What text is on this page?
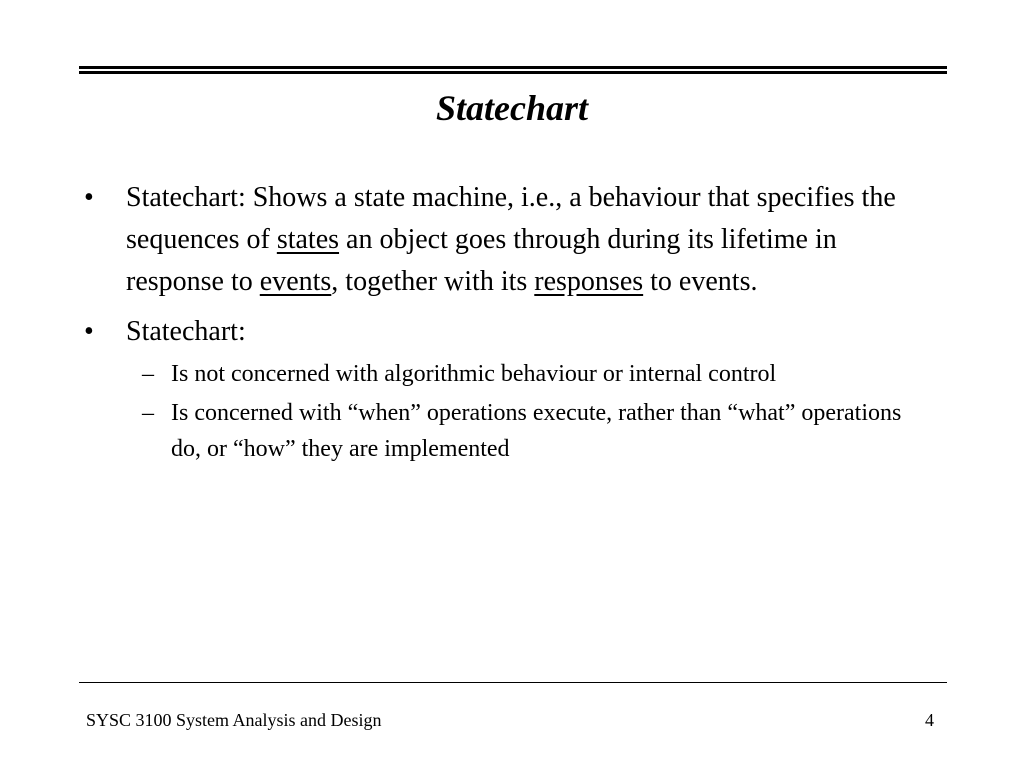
Statechart
•	Statechart: Shows a state machine, i.e., a behaviour that specifies the sequences of states an object goes through during its lifetime in response to events, together with its responses to events.
•	Statechart:
– Is not concerned with algorithmic behaviour or internal control
– Is concerned with “when” operations execute, rather than “what” operations do, or “how” they are implemented
SYSC 3100 System Analysis and Design	4
